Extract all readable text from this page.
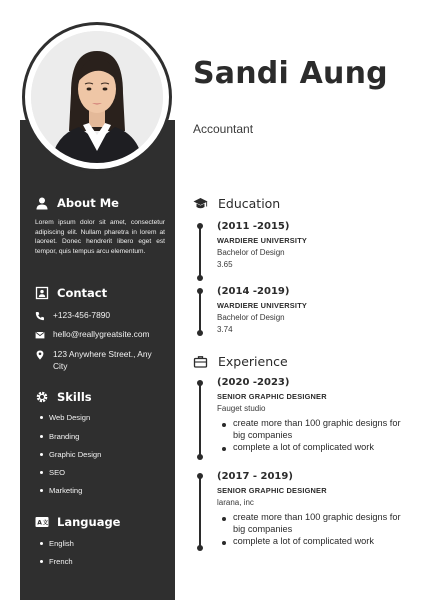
Sandi Aung
Accountant
About Me
Lorem ipsum dolor sit amet, consectetur adipiscing elit. Nullam pharetra in lorem at laoreet. Donec hendrerit libero eget est tempor, quis tempus arcu elementum.
Contact
+123-456-7890
hello@reallygreatsite.com
123 Anywhere Street., Any City
Skills
Web Design
Branding
Graphic Design
SEO
Marketing
A 文 Language
English
French
Education
(2011 -2015)
WARDIERE UNIVERSITY
Bachelor of Design
3.65
(2014 -2019)
WARDIERE UNIVERSITY
Bachelor of Design
3.74
Experience
(2020 -2023)
SENIOR GRAPHIC DESIGNER
Fauget studio
create more than 100 graphic designs for big companies
complete a lot of complicated work
(2017 - 2019)
SENIOR GRAPHIC DESIGNER
larana, inc
create more than 100 graphic designs for big companies
complete a lot of complicated work
